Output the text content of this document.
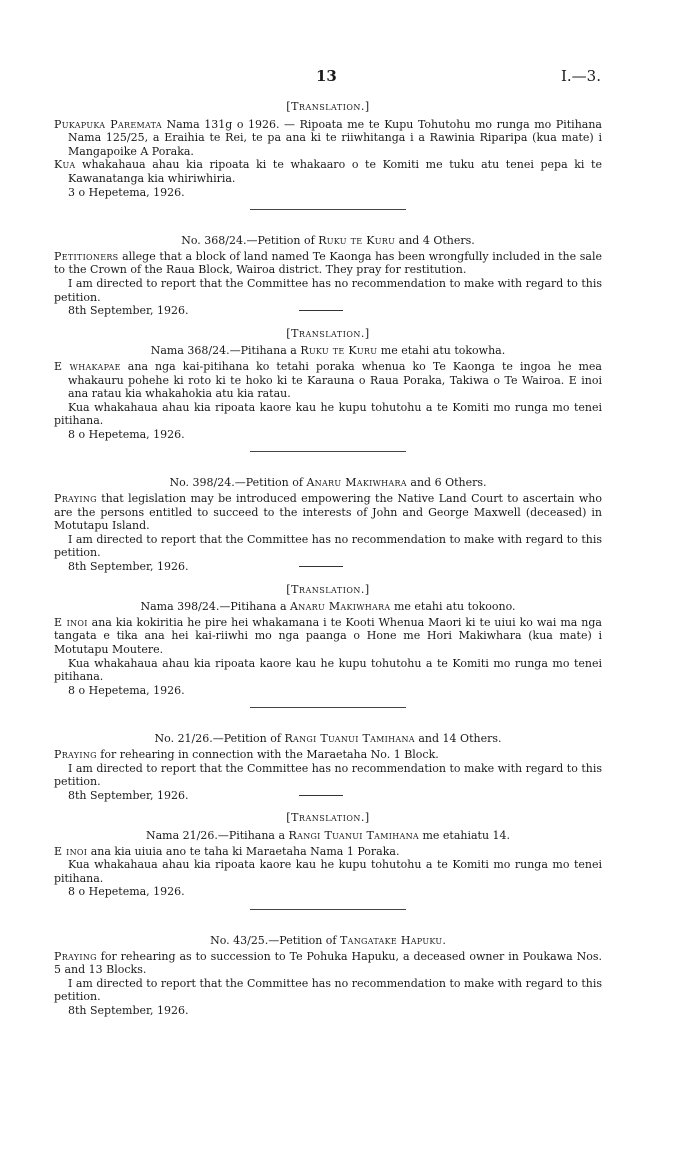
13	I.—3.

[Translation.]

Pukapuka Paremata Nama 131g o 1926. — Ripoata me te Kupu Tohutohu mo runga mo Pitihana Nama 125/25, a Eraihia te Rei, te pa ana ki te riiwhitanga i a Rawinia Riparipa (kua mate) i Mangapoike A Poraka.

Kua whakahaua ahau kia ripoata ki te whakaaro o te Komiti me tuku atu tenei pepa ki te Kawanatanga kia whiriwhiria.

3 o Hepetema, 1926.

No. 368/24.—Petition of Ruku te Kuru and 4 Others.

Petitioners allege that a block of land named Te Kaonga has been wrongfully included in the sale to the Crown of the Raua Block, Wairoa district. They pray for restitution.

I am directed to report that the Committee has no recommendation to make with regard to this petition.

8th September, 1926.

[Translation.]

Nama 368/24.—Pitihana a Ruku te Kuru me etahi atu tokowha.

E whakapae ana nga kai-pitihana ko tetahi poraka whenua ko Te Kaonga te ingoa he mea whakauru pohehe ki roto ki te hoko ki te Karauna o Raua Poraka, Takiwa o Te Wairoa. E inoi ana ratau kia whakahokia atu kia ratau.

Kua whakahaua ahau kia ripoata kaore kau he kupu tohutohu a te Komiti mo runga mo tenei pitihana.

8 o Hepetema, 1926.

No. 398/24.—Petition of Anaru Makiwhara and 6 Others.

Praying that legislation may be introduced empowering the Native Land Court to ascertain who are the persons entitled to succeed to the interests of John and George Maxwell (deceased) in Motutapu Island.

I am directed to report that the Committee has no recommendation to make with regard to this petition.

8th September, 1926.

[Translation.]

Nama 398/24.—Pitihana a Anaru Makiwhara me etahi atu tokoono.

E inoi ana kia kokiritia he pire hei whakamana i te Kooti Whenua Maori ki te uiui ko wai ma nga tangata e tika ana hei kai-riiwhi mo nga paanga o Hone me Hori Makiwhara (kua mate) i Motutapu Moutere.

Kua whakahaua ahau kia ripoata kaore kau he kupu tohutohu a te Komiti mo runga mo tenei pitihana.

8 o Hepetema, 1926.

No. 21/26.—Petition of Rangi Tuanui Tamihana and 14 Others.

Praying for rehearing in connection with the Maraetaha No. 1 Block.

I am directed to report that the Committee has no recommendation to make with regard to this petition.

8th September, 1926.

[Translation.]

Nama 21/26.—Pitihana a Rangi Tuanui Tamihana me etahiatu 14.

E inoi ana kia uiuia ano te taha ki Maraetaha Nama 1 Poraka.

Kua whakahaua ahau kia ripoata kaore kau he kupu tohutohu a te Komiti mo runga mo tenei pitihana.

8 o Hepetema, 1926.

No. 43/25.—Petition of Tangatake Hapuku.

Praying for rehearing as to succession to Te Pohuka Hapuku, a deceased owner in Poukawa Nos. 5 and 13 Blocks.

I am directed to report that the Committee has no recommendation to make with regard to this petition.

8th September, 1926.
